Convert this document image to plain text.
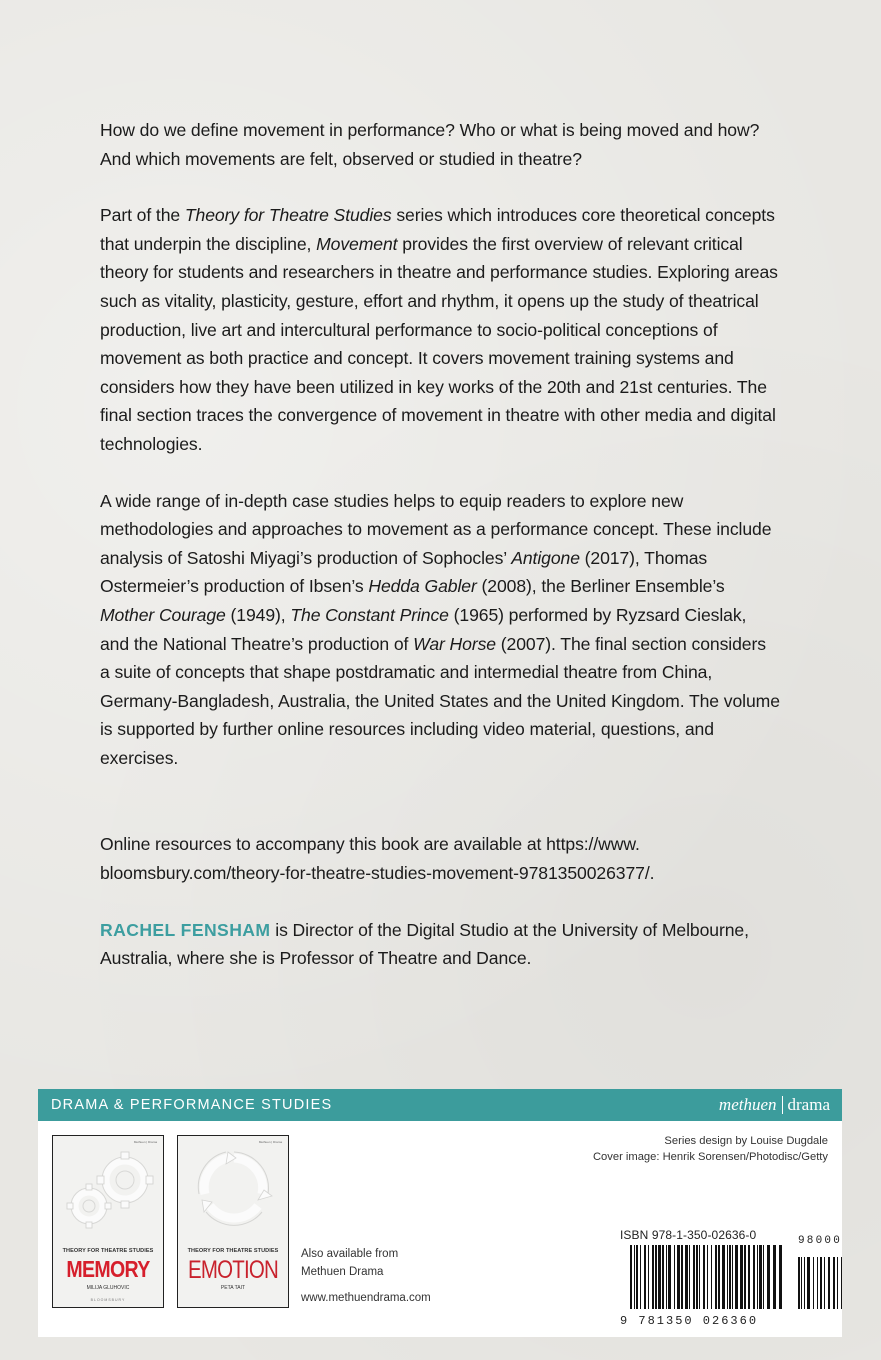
How do we define movement in performance? Who or what is being moved and how? And which movements are felt, observed or studied in theatre?

Part of the Theory for Theatre Studies series which introduces core theoretical concepts that underpin the discipline, Movement provides the first overview of relevant critical theory for students and researchers in theatre and performance studies. Exploring areas such as vitality, plasticity, gesture, effort and rhythm, it opens up the study of theatrical production, live art and intercultural performance to socio-political conceptions of movement as both practice and concept. It covers movement training systems and considers how they have been utilized in key works of the 20th and 21st centuries. The final section traces the convergence of movement in theatre with other media and digital technologies.

A wide range of in-depth case studies helps to equip readers to explore new methodologies and approaches to movement as a performance concept. These include analysis of Satoshi Miyagi’s production of Sophocles’ Antigone (2017), Thomas Ostermeier’s production of Ibsen’s Hedda Gabler (2008), the Berliner Ensemble’s Mother Courage (1949), The Constant Prince (1965) performed by Ryzsard Cieslak, and the National Theatre’s production of War Horse (2007). The final section considers a suite of concepts that shape postdramatic and intermedial theatre from China, Germany-Bangladesh, Australia, the United States and the United Kingdom. The volume is supported by further online resources including video material, questions, and exercises.

Online resources to accompany this book are available at https://www. bloomsbury.com/theory-for-theatre-studies-movement-9781350026377/.

RACHEL FENSHAM is Director of the Digital Studio at the University of Melbourne, Australia, where she is Professor of Theatre and Dance.

DRAMA & PERFORMANCE STUDIES	methuen drama
Methuen | Drama
THEORY FOR THEATRE STUDIES
MEMORY
MILIJA GLUHOVIC
BLOOMSBURY
Methuen | Drama
THEORY FOR THEATRE STUDIES
EMOTION
PETA TAIT
Also available from
Methuen Drama
www.methuendrama.com
Series design by Louise Dugdale
Cover image: Henrik Sorensen/Photodisc/Getty
ISBN 978-1-350-02636-0	98000
9 781350 026360
